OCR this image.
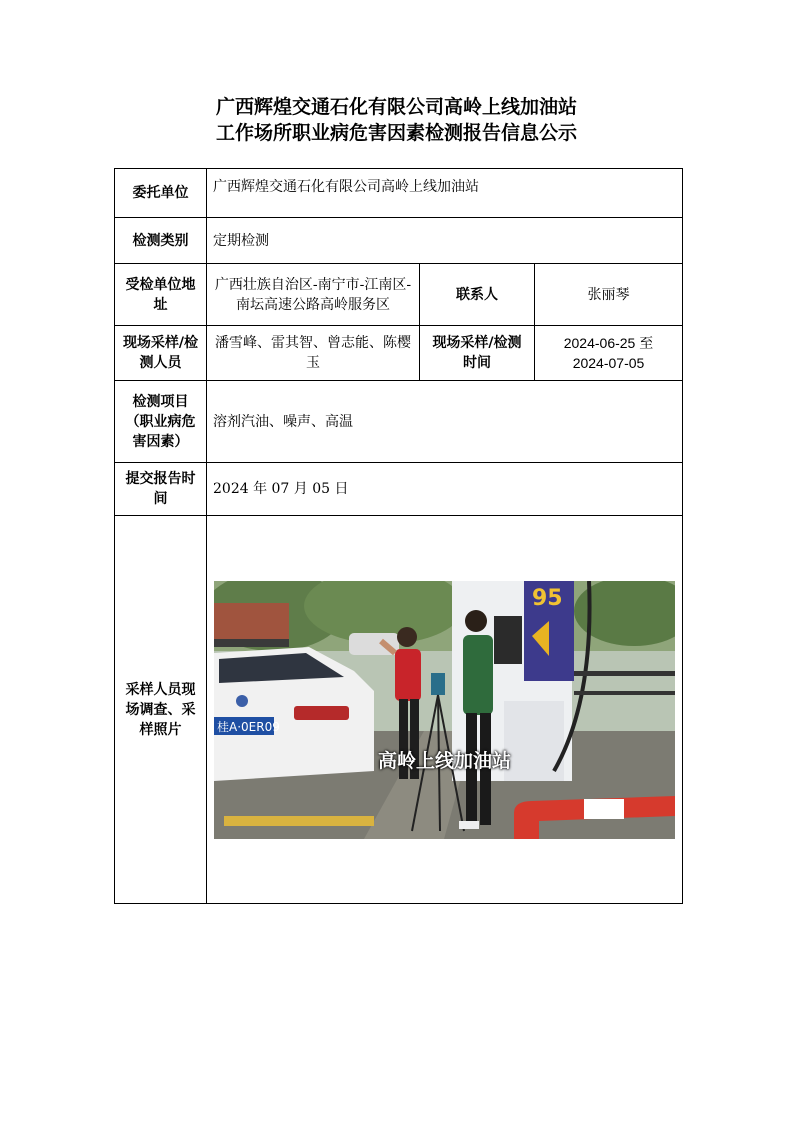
广西辉煌交通石化有限公司高岭上线加油站
工作场所职业病危害因素检测报告信息公示
委托单位	广西辉煌交通石化有限公司高岭上线加油站		
检测类别	定期检测		
受检单位地址	广西壮族自治区-南宁市-江南区-南坛高速公路高岭服务区	联系人	张丽琴
现场采样/检测人员	潘雪峰、雷其智、曾志能、陈樱玉	现场采样/检测时间	2024-06-25 至
2024-07-05

检测项目（职业病危害因素）	溶剂汽油、噪声、高温		
提交报告时间	2024 年 07 月 05 日		
采样人员现场调查、采样照片	桂A·0ER09
95
高岭上线加油站		
